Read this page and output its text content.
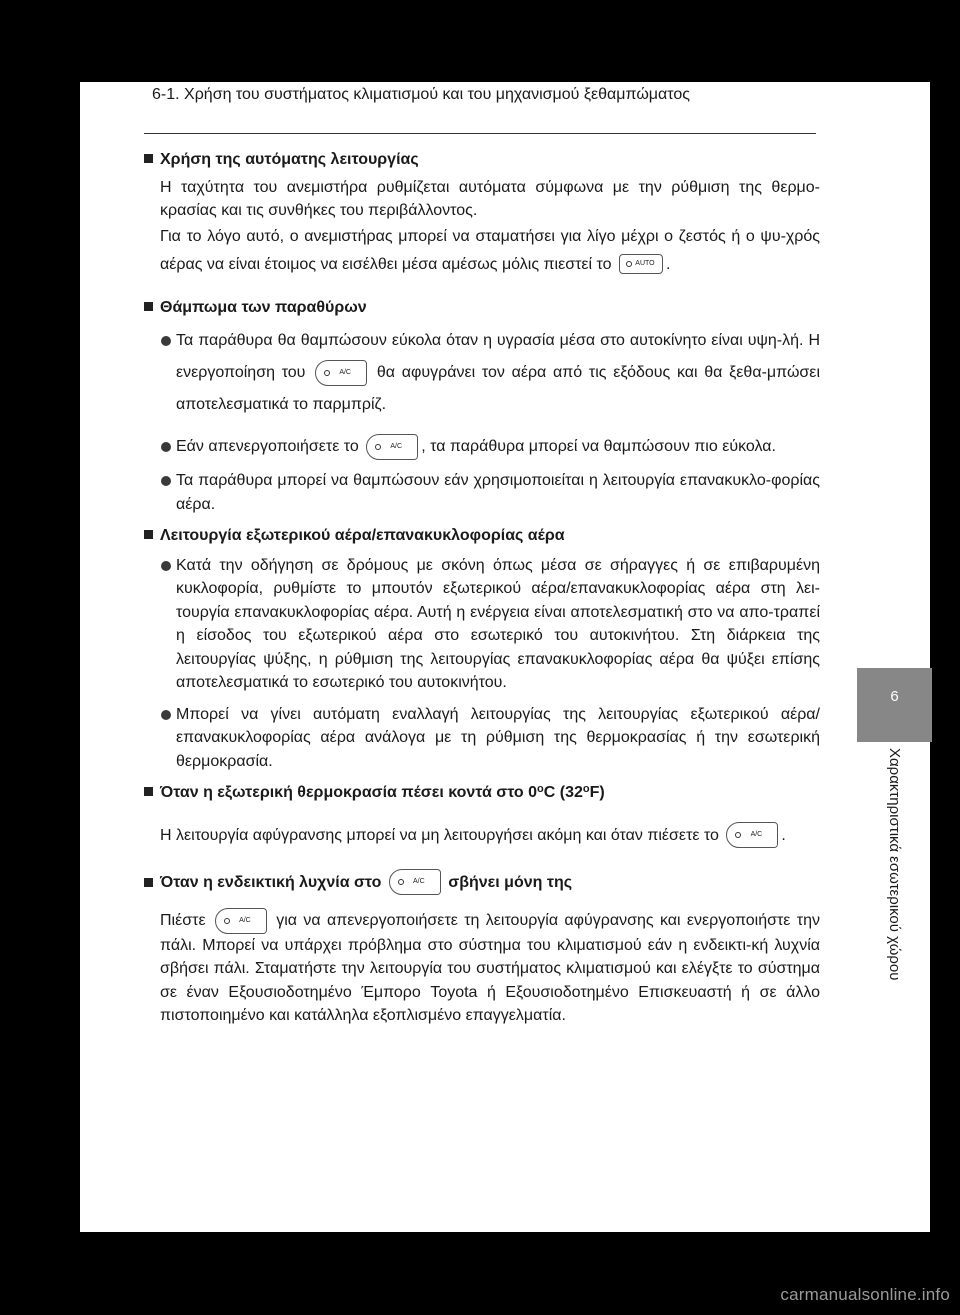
6-1. Χρήση του συστήματος κλιματισμού και του μηχανισμού ξεθαμπώματος
Χρήση της αυτόματης λειτουργίας
Η ταχύτητα του ανεμιστήρα ρυθμίζεται αυτόματα σύμφωνα με την ρύθμιση της θερμο-κρασίας και τις συνθήκες του περιβάλλοντος.
Για το λόγο αυτό, ο ανεμιστήρας μπορεί να σταματήσει για λίγο μέχρι ο ζεστός ή ο ψυ-χρός αέρας να είναι έτοιμος να εισέλθει μέσα αμέσως μόλις πιεστεί το	AUTO .
Θάμπωμα των παραθύρων
Τα παράθυρα θα θαμπώσουν εύκολα όταν η υγρασία μέσα στο αυτοκίνητο είναι υψη-λή. Η ενεργοποίηση του	A/C θα αφυγράνει τον αέρα από τις εξόδους και θα ξεθα-μπώσει αποτελεσματικά το παρμπρίζ.
Εάν απενεργοποιήσετε το	A/C , τα παράθυρα μπορεί να θαμπώσουν πιο εύκολα.
Τα παράθυρα μπορεί να θαμπώσουν εάν χρησιμοποιείται η λειτουργία επανακυκλο-φορίας αέρα.
Λειτουργία εξωτερικού αέρα/επανακυκλοφορίας αέρα
Κατά την οδήγηση σε δρόμους με σκόνη όπως μέσα σε σήραγγες ή σε επιβαρυμένη κυκλοφορία, ρυθμίστε το μπουτόν εξωτερικού αέρα/επανακυκλοφορίας αέρα στη λει-τουργία επανακυκλοφορίας αέρα. Αυτή η ενέργεια είναι αποτελεσματική στο να απο-τραπεί η είσοδος του εξωτερικού αέρα στο εσωτερικό του αυτοκινήτου. Στη διάρκεια της λειτουργίας ψύξης, η ρύθμιση της λειτουργίας επανακυκλοφορίας αέρα θα ψύξει επίσης αποτελεσματικά το εσωτερικό του αυτοκινήτου.
Μπορεί να γίνει αυτόματη εναλλαγή λειτουργίας της λειτουργίας εξωτερικού αέρα/ επανακυκλοφορίας αέρα ανάλογα με τη ρύθμιση της θερμοκρασίας ή την εσωτερική θερμοκρασία.
Όταν η εξωτερική θερμοκρασία πέσει κοντά στο 0$^o$C (32$^o$F)
Η λειτουργία αφύγρανσης μπορεί να μη λειτουργήσει ακόμη και όταν πιέσετε το	A/C .
Όταν η ενδεικτική λυχνία στο	A/C σβήνει μόνη της
Πιέστε	A/C για να απενεργοποιήσετε τη λειτουργία αφύγρανσης και ενεργοποιήστε την πάλι. Μπορεί να υπάρχει πρόβλημα στο σύστημα του κλιματισμού εάν η ενδεικτι-κή λυχνία σβήσει πάλι. Σταματήστε την λειτουργία του συστήματος κλιματισμού και ελέγξτε το σύστημα σε έναν Εξουσιοδοτημένο Έμπορο Toyota ή Εξουσιοδοτημένο Επισκευαστή ή σε άλλο πιστοποιημένο και κατάλληλα εξοπλισμένο επαγγελματία.
6
Χαρακτηριστικά εσωτερικού χώρου
carmanualsonline.info
